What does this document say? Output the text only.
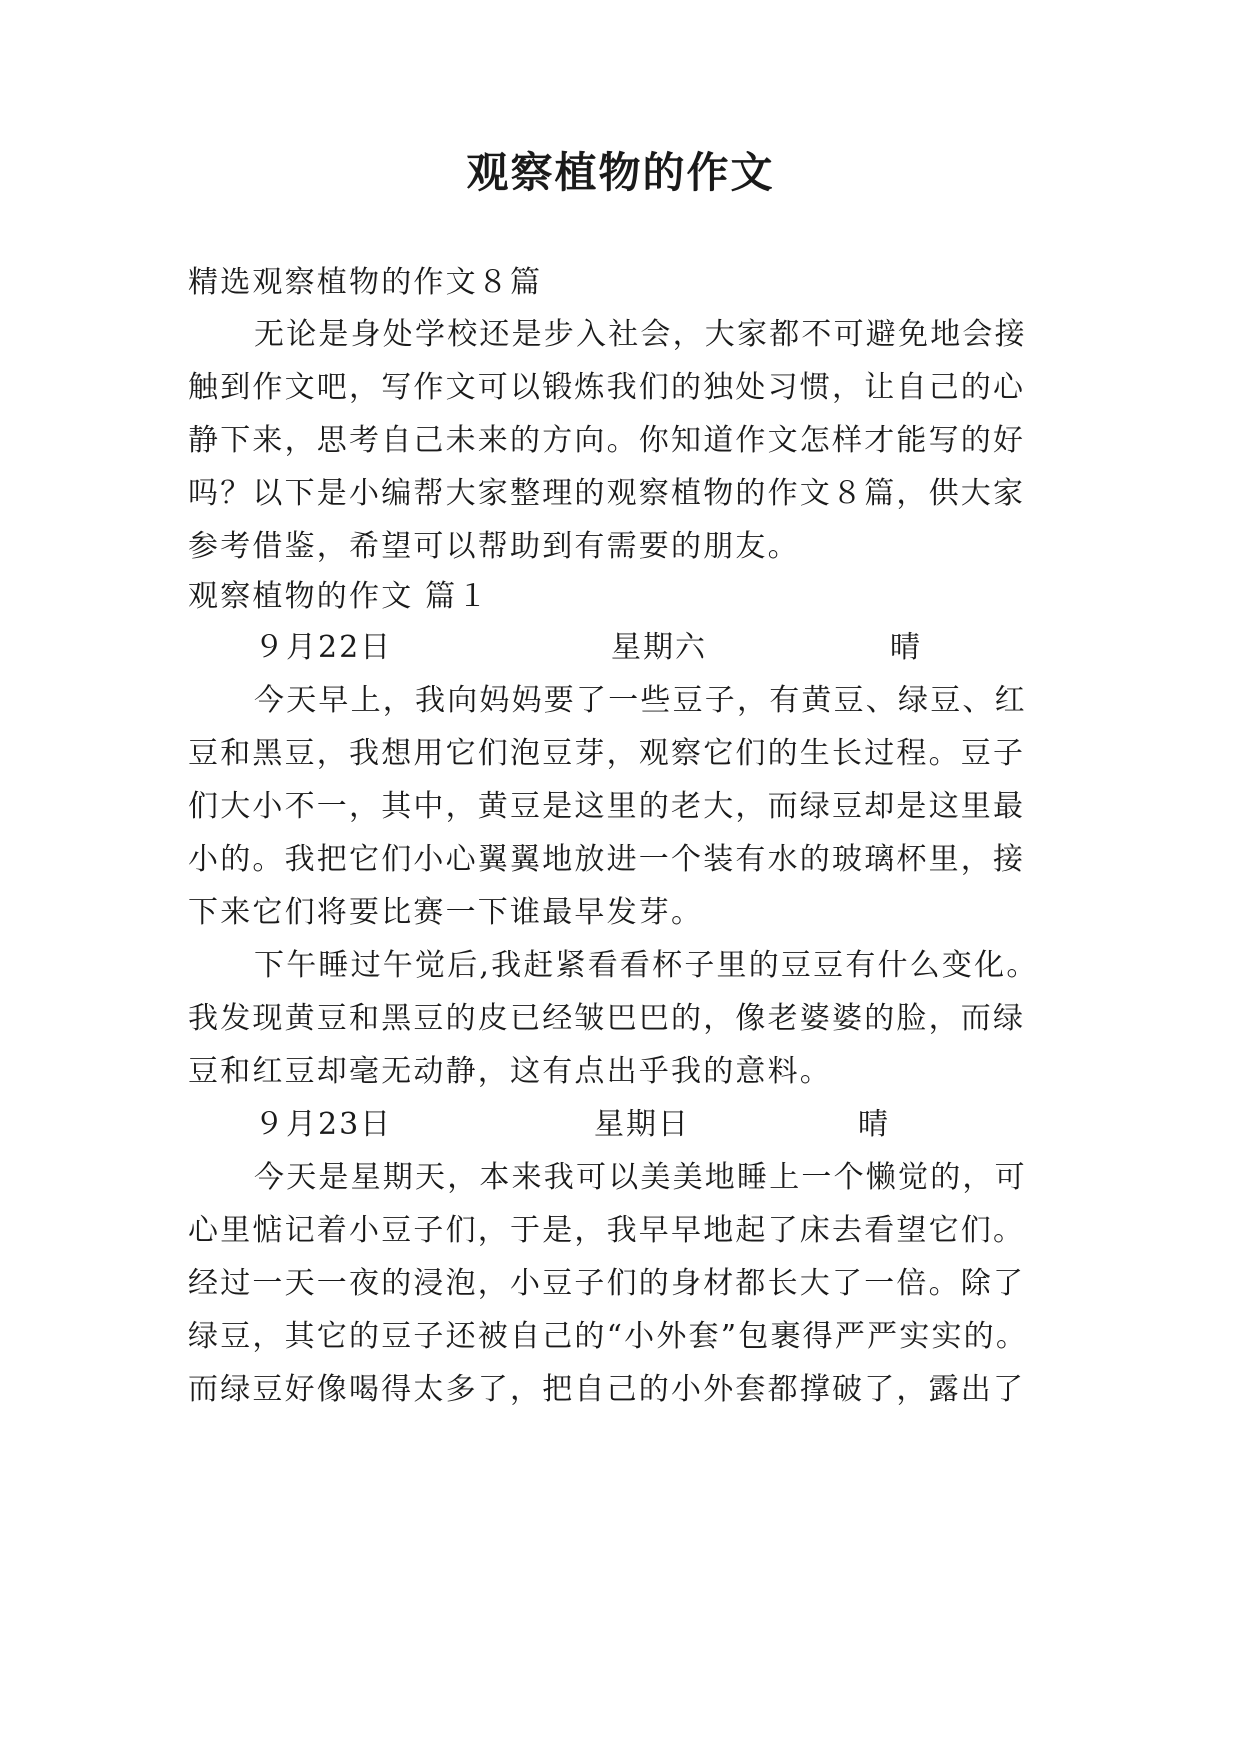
观察植物的作文
精选观察植物的作文８篇
无论是身处学校还是步入社会，大家都不可避免地会接
触到作文吧，写作文可以锻炼我们的独处习惯，让自己的心
静下来，思考自己未来的方向。你知道作文怎样才能写的好
吗？以下是小编帮大家整理的观察植物的作文８篇，供大家
参考借鉴，希望可以帮助到有需要的朋友。
观察植物的作文 篇１
９月22日	星期六	晴
今天早上，我向妈妈要了一些豆子，有黄豆、绿豆、红
豆和黑豆，我想用它们泡豆芽，观察它们的生长过程。豆子
们大小不一，其中，黄豆是这里的老大，而绿豆却是这里最
小的。我把它们小心翼翼地放进一个装有水的玻璃杯里，接
下来它们将要比赛一下谁最早发芽。
下午睡过午觉后,我赶紧看看杯子里的豆豆有什么变化。
我发现黄豆和黑豆的皮已经皱巴巴的，像老婆婆的脸，而绿
豆和红豆却毫无动静，这有点出乎我的意料。
９月23日	星期日	晴
今天是星期天，本来我可以美美地睡上一个懒觉的，可
心里惦记着小豆子们，于是，我早早地起了床去看望它们。
经过一天一夜的浸泡，小豆子们的身材都长大了一倍。除了
绿豆，其它的豆子还被自己的“小外套”包裹得严严实实的。
而绿豆好像喝得太多了，把自己的小外套都撑破了，露出了
